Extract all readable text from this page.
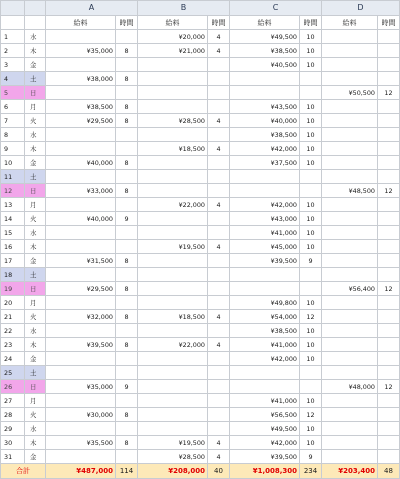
		A		B		C		D	
		給料	時間	給料	時間	給料	時間	給料	時間
1	水			¥20,000	4	¥49,500	10		
2	木	¥35,000	8	¥21,000	4	¥38,500	10		
3	金					¥40,500	10		
4	土	¥38,000	8						
5	日							¥50,500	12
6	月	¥38,500	8			¥43,500	10		
7	火	¥29,500	8	¥28,500	4	¥40,000	10		
8	水					¥38,500	10		
9	木			¥18,500	4	¥42,000	10		
10	金	¥40,000	8			¥37,500	10		
11	土								
12	日	¥33,000	8					¥48,500	12
13	月			¥22,000	4	¥42,000	10		
14	火	¥40,000	9			¥43,000	10		
15	水					¥41,000	10		
16	木			¥19,500	4	¥45,000	10		
17	金	¥31,500	8			¥39,500	9		
18	土								
19	日	¥29,500	8					¥56,400	12
20	月					¥49,800	10		
21	火	¥32,000	8	¥18,500	4	¥54,000	12		
22	水					¥38,500	10		
23	木	¥39,500	8	¥22,000	4	¥41,000	10		
24	金					¥42,000	10		
25	土								
26	日	¥35,000	9					¥48,000	12
27	月					¥41,000	10		
28	火	¥30,000	8			¥56,500	12		
29	水					¥49,500	10		
30	木	¥35,500	8	¥19,500	4	¥42,000	10		
31	金			¥28,500	4	¥39,500	9		
合計		¥487,000	114	¥208,000	40	¥1,008,300	234	¥203,400	48
